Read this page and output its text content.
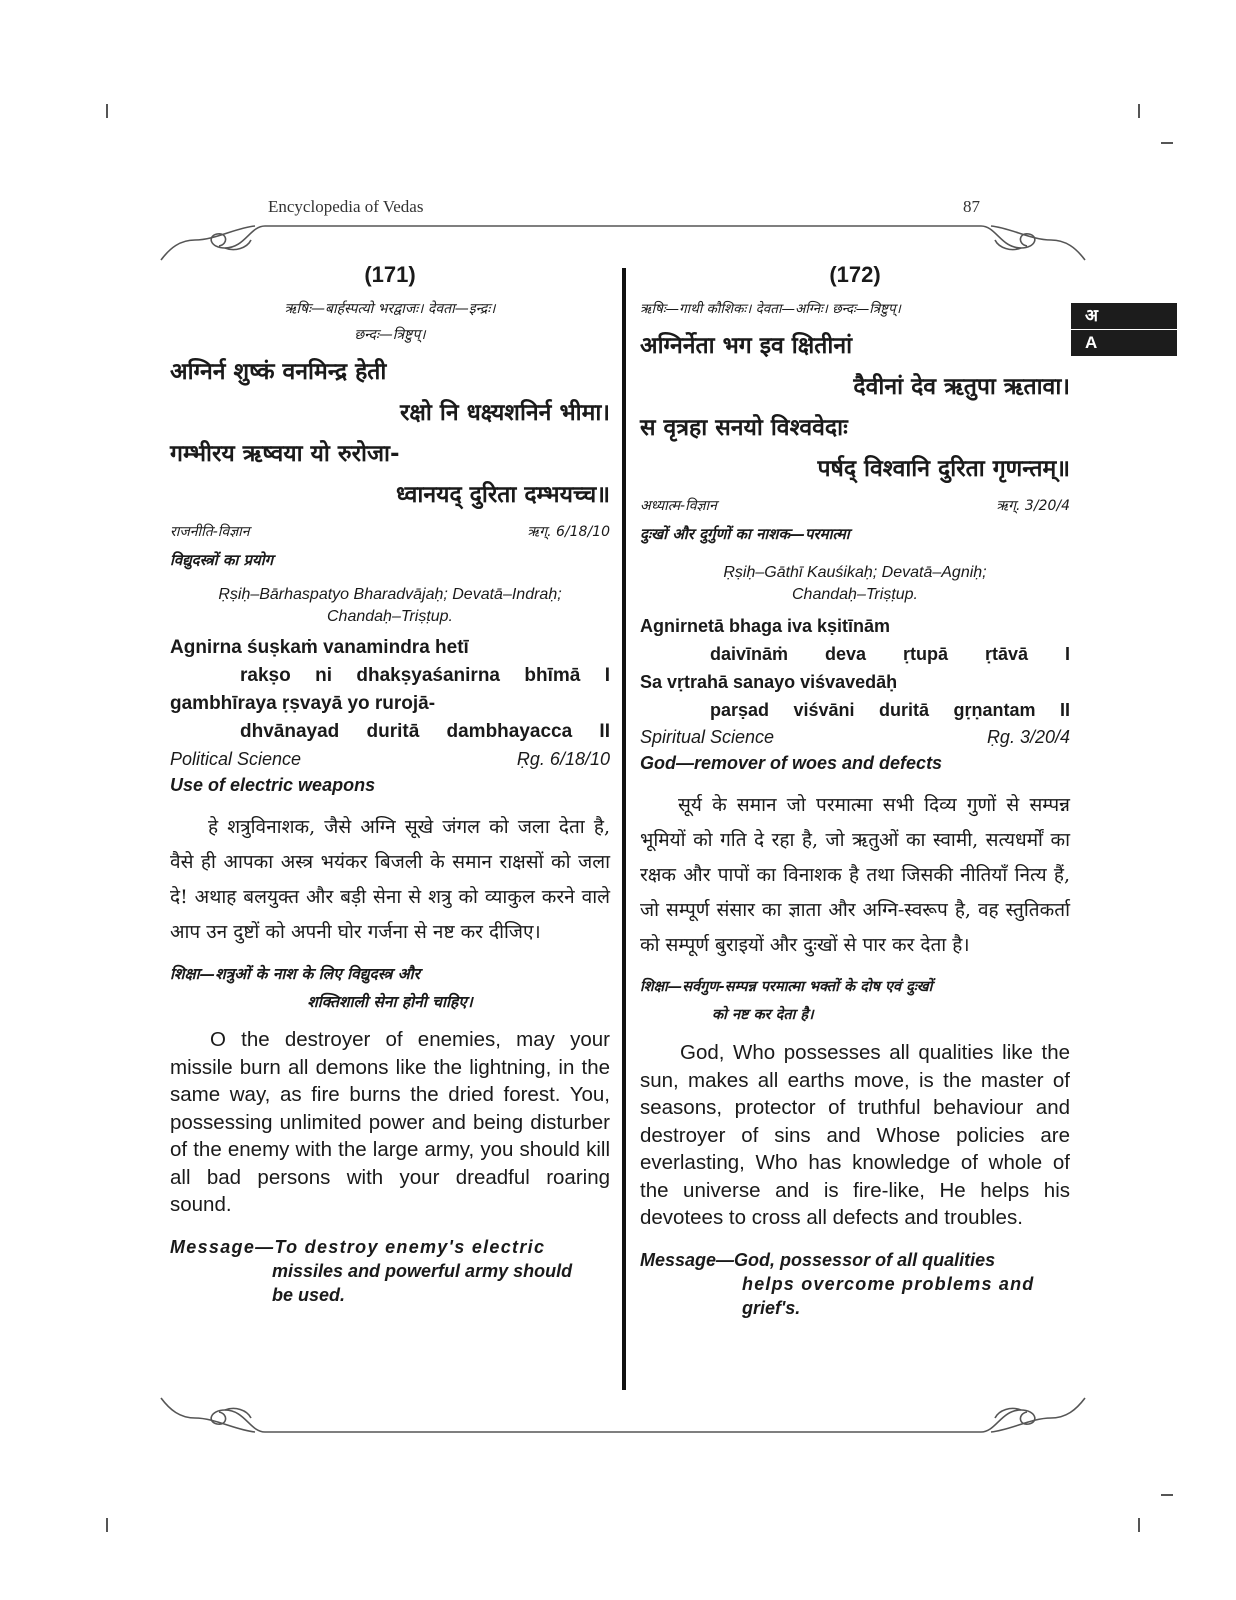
Encyclopedia of Vedas	87
अ
A
(171)
ऋषिः—बार्हस्पत्यो भरद्वाजः। देवता—इन्द्रः।
छन्दः—त्रिष्टुप्।
अग्निर्न शुष्कं वनमिन्द्र हेती
रक्षो नि धक्ष्यशनिर्न भीमा।
गम्भीरय ऋष्वया यो रुरोजा-
ध्वानयद् दुरिता दम्भयच्च॥
राजनीति-विज्ञान	ऋग्. 6/18/10
विद्युदस्त्रों का प्रयोग
Ṛṣiḥ–Bārhaspatyo Bharadvājaḥ; Devatā–Indraḥ;
Chandaḥ–Triṣṭup.
Agnirna śuṣkaṁ vanamindra hetī
rakṣo ni dhakṣyaśanirna bhīmā I
gambhīraya ṛṣvayā yo rurojā-
dhvānayad duritā dambhayacca II
Political Science	Ṛg. 6/18/10
Use of electric weapons
हे शत्रुविनाशक, जैसे अग्नि सूखे जंगल को जला देता है, वैसे ही आपका अस्त्र भयंकर बिजली के समान राक्षसों को जला दे! अथाह बलयुक्त और बड़ी सेना से शत्रु को व्याकुल करने वाले आप उन दुष्टों को अपनी घोर गर्जना से नष्ट कर दीजिए।
शिक्षा—शत्रुओं के नाश के लिए विद्युदस्त्र और
शक्तिशाली सेना होनी चाहिए।
O the destroyer of enemies, may your missile burn all demons like the lightning, in the same way, as fire burns the dried forest. You, possessing unlimited power and being disturber of the enemy with the large army, you should kill all bad persons with your dreadful roaring sound.
Message—To destroy enemy's electric
missiles and powerful army should
be used.
(172)
ऋषिः—गाथी कौशिकः। देवता—अग्निः। छन्दः—त्रिष्टुप्।
अग्निर्नेता भग इव क्षितीनां
दैवीनां देव ऋतुपा ऋतावा।
स वृत्रहा सनयो विश्ववेदाः
पर्षद् विश्वानि दुरिता गृणन्तम्॥
अध्यात्म-विज्ञान	ऋग्. 3/20/4
दुःखों और दुर्गुणों का नाशक—परमात्मा
Ṛṣiḥ–Gāthī Kauśikaḥ; Devatā–Agniḥ;
Chandaḥ–Triṣṭup.
Agnirnetā bhaga iva kṣitīnām
daivīnāṁ deva ṛtupā ṛtāvā I
Sa vṛtrahā sanayo viśvavedāḥ
parṣad viśvāni duritā gṛṇantam II
Spiritual Science	Ṛg. 3/20/4
God—remover of woes and defects
सूर्य के समान जो परमात्मा सभी दिव्य गुणों से सम्पन्न भूमियों को गति दे रहा है, जो ऋतुओं का स्वामी, सत्यधर्मों का रक्षक और पापों का विनाशक है तथा जिसकी नीतियाँ नित्य हैं, जो सम्पूर्ण संसार का ज्ञाता और अग्नि-स्वरूप है, वह स्तुतिकर्ता को सम्पूर्ण बुराइयों और दुःखों से पार कर देता है।
शिक्षा—सर्वगुण-सम्पन्न परमात्मा भक्तों के दोष एवं दुःखों
को नष्ट कर देता है।
God, Who possesses all qualities like the sun, makes all earths move, is the master of seasons, protector of truthful behaviour and destroyer of sins and Whose policies are everlasting, Who has knowledge of whole of the universe and is fire-like, He helps his devotees to cross all defects and troubles.
Message—God, possessor of all qualities
helps overcome problems and
grief's.
